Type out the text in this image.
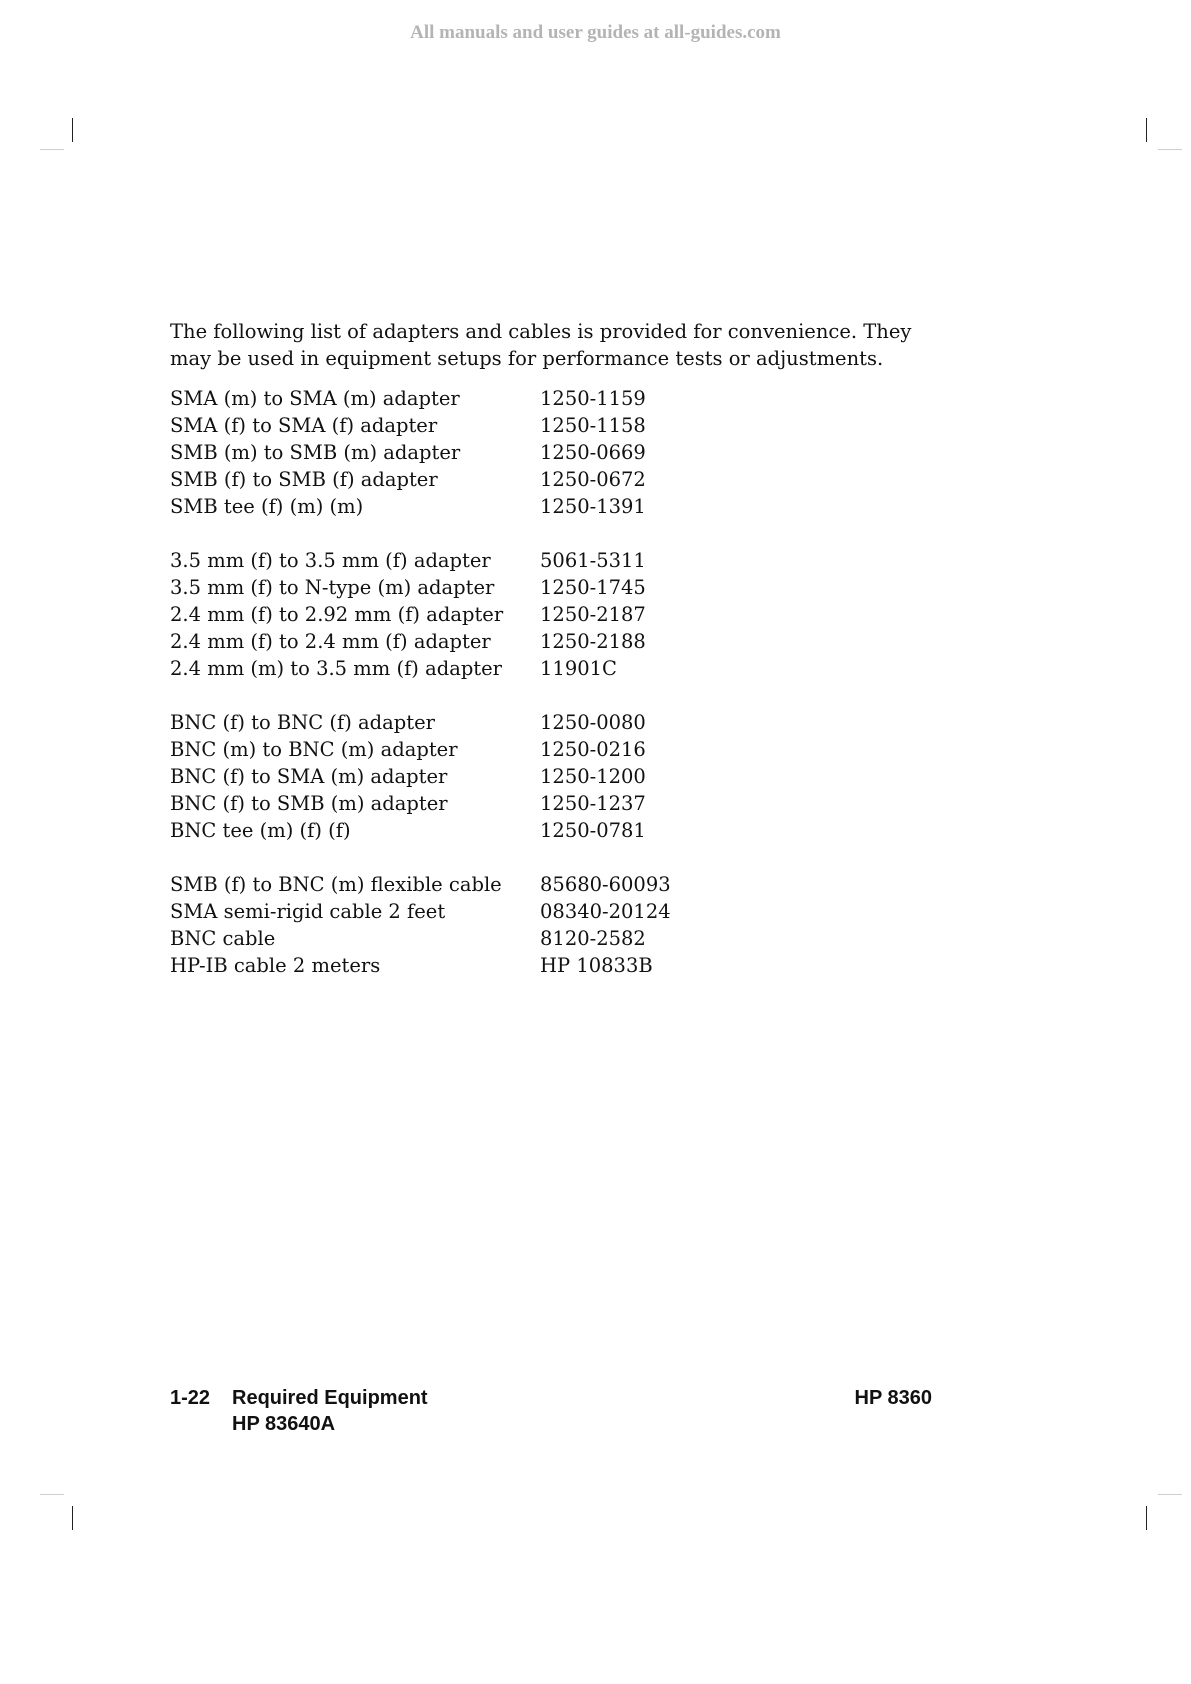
All manuals and user guides at all-guides.com

The following list of adapters and cables is provided for convenience. They may be used in equipment setups for performance tests or adjustments.

SMA (m) to SMA (m) adapter	1250-1159
SMA (f) to SMA (f) adapter	1250-1158
SMB (m) to SMB (m) adapter	1250-0669
SMB (f) to SMB (f) adapter	1250-0672
SMB tee (f) (m) (m)	1250-1391
3.5 mm (f) to 3.5 mm (f) adapter	5061-5311
3.5 mm (f) to N-type (m) adapter	1250-1745
2.4 mm (f) to 2.92 mm (f) adapter	1250-2187
2.4 mm (f) to 2.4 mm (f) adapter	1250-2188
2.4 mm (m) to 3.5 mm (f) adapter	11901C
BNC (f) to BNC (f) adapter	1250-0080
BNC (m) to BNC (m) adapter	1250-0216
BNC (f) to SMA (m) adapter	1250-1200
BNC (f) to SMB (m) adapter	1250-1237
BNC tee (m) (f) (f)	1250-0781
SMB (f) to BNC (m) flexible cable	85680-60093
SMA semi-rigid cable 2 feet	08340-20124
BNC cable	8120-2582
HP-IB cable 2 meters	HP 10833B
1-22	Required Equipment	HP 8360
HP 83640A
